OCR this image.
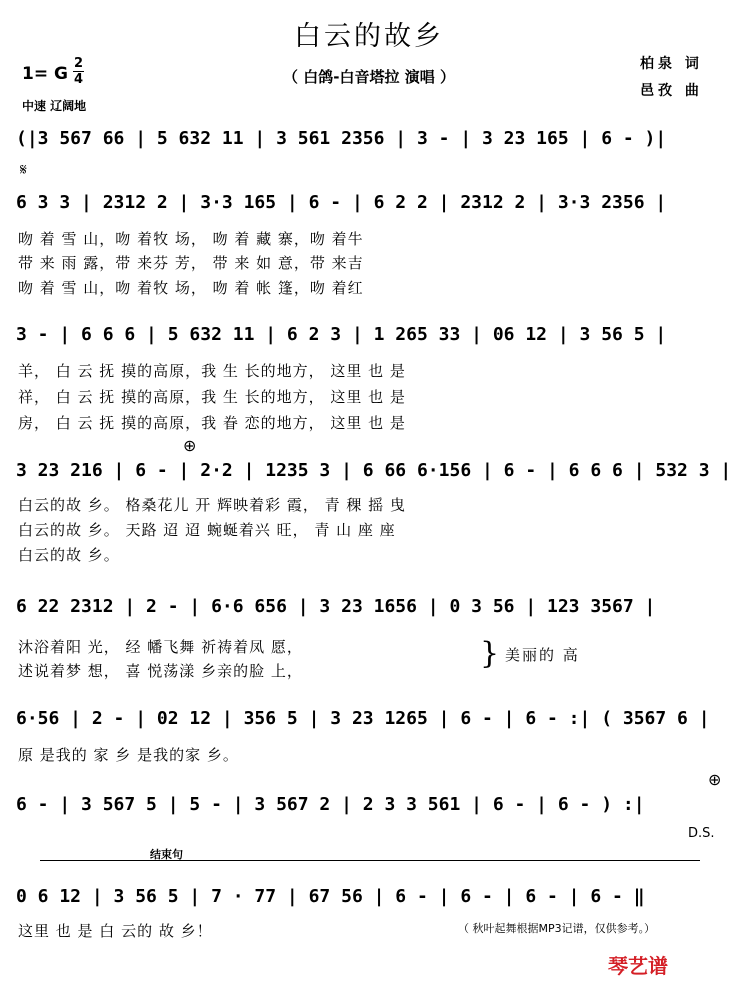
白云的故乡
（ 白鸽-白音塔拉 演唱 ）
1= G
2
4
中速 辽阔地
柏泉 词
邑孜 曲
(|3 567 66 | 5 632 11 | 3 561 2356 | 3 - | 3 23 165 | 6 - )|
𝄋
6 3 3 | 2312 2 | 3·3 165 | 6 - | 6 2 2 | 2312 2 | 3·3 2356 |
吻 着 雪 山，吻 着牧 场， 吻 着 藏 寨，吻 着牛
带 来 雨 露，带 来芬 芳， 带 来 如 意，带 来吉
吻 着 雪 山，吻 着牧 场， 吻 着 帐 篷，吻 着红
3 - | 6 6 6 | 5 632 11 | 6 2 3 | 1 265 33 | 06 12 | 3 56 5 |
羊， 白 云 抚 摸的高原，我 生 长的地方， 这里 也 是
祥， 白 云 抚 摸的高原，我 生 长的地方， 这里 也 是
房， 白 云 抚 摸的高原，我 眷 恋的地方， 这里 也 是
⊕
3 23 216 | 6 - | 2·2 | 1235 3 | 6 66 6·156 | 6 - | 6 6 6 | 532 3 |
白云的故 乡。 格桑花儿 开 辉映着彩 霞， 青 稞 摇 曳
白云的故 乡。 天路 迢 迢 蜿蜒着兴 旺， 青 山 座 座
白云的故 乡。
6 22 2312 | 2 - | 6·6 656 | 3 23 1656 | 0 3 56 | 123 3567 |
沐浴着阳 光， 经 幡飞舞 祈祷着凤 愿，
述说着梦 想， 喜 悦荡漾 乡亲的脸 上，	} 美丽的 高
6·56 | 2 - | 02 12 | 356 5 | 3 23 1265 | 6 - | 6 - :| ( 3567 6 |
原 是我的 家 乡 是我的家 乡。
⊕
6 - | 3 567 5 | 5 - | 3 567 2 | 2 3 3 561 | 6 - | 6 - ) :|
D.S.
结束句
0 6 12 | 3 56 5 | 7 · 77 | 67 56 | 6 - | 6 - | 6 - | 6 - ‖
这里 也 是 白 云的 故 乡！	（ 秋叶起舞根据MP3记谱，仅供参考。）
琴艺谱
